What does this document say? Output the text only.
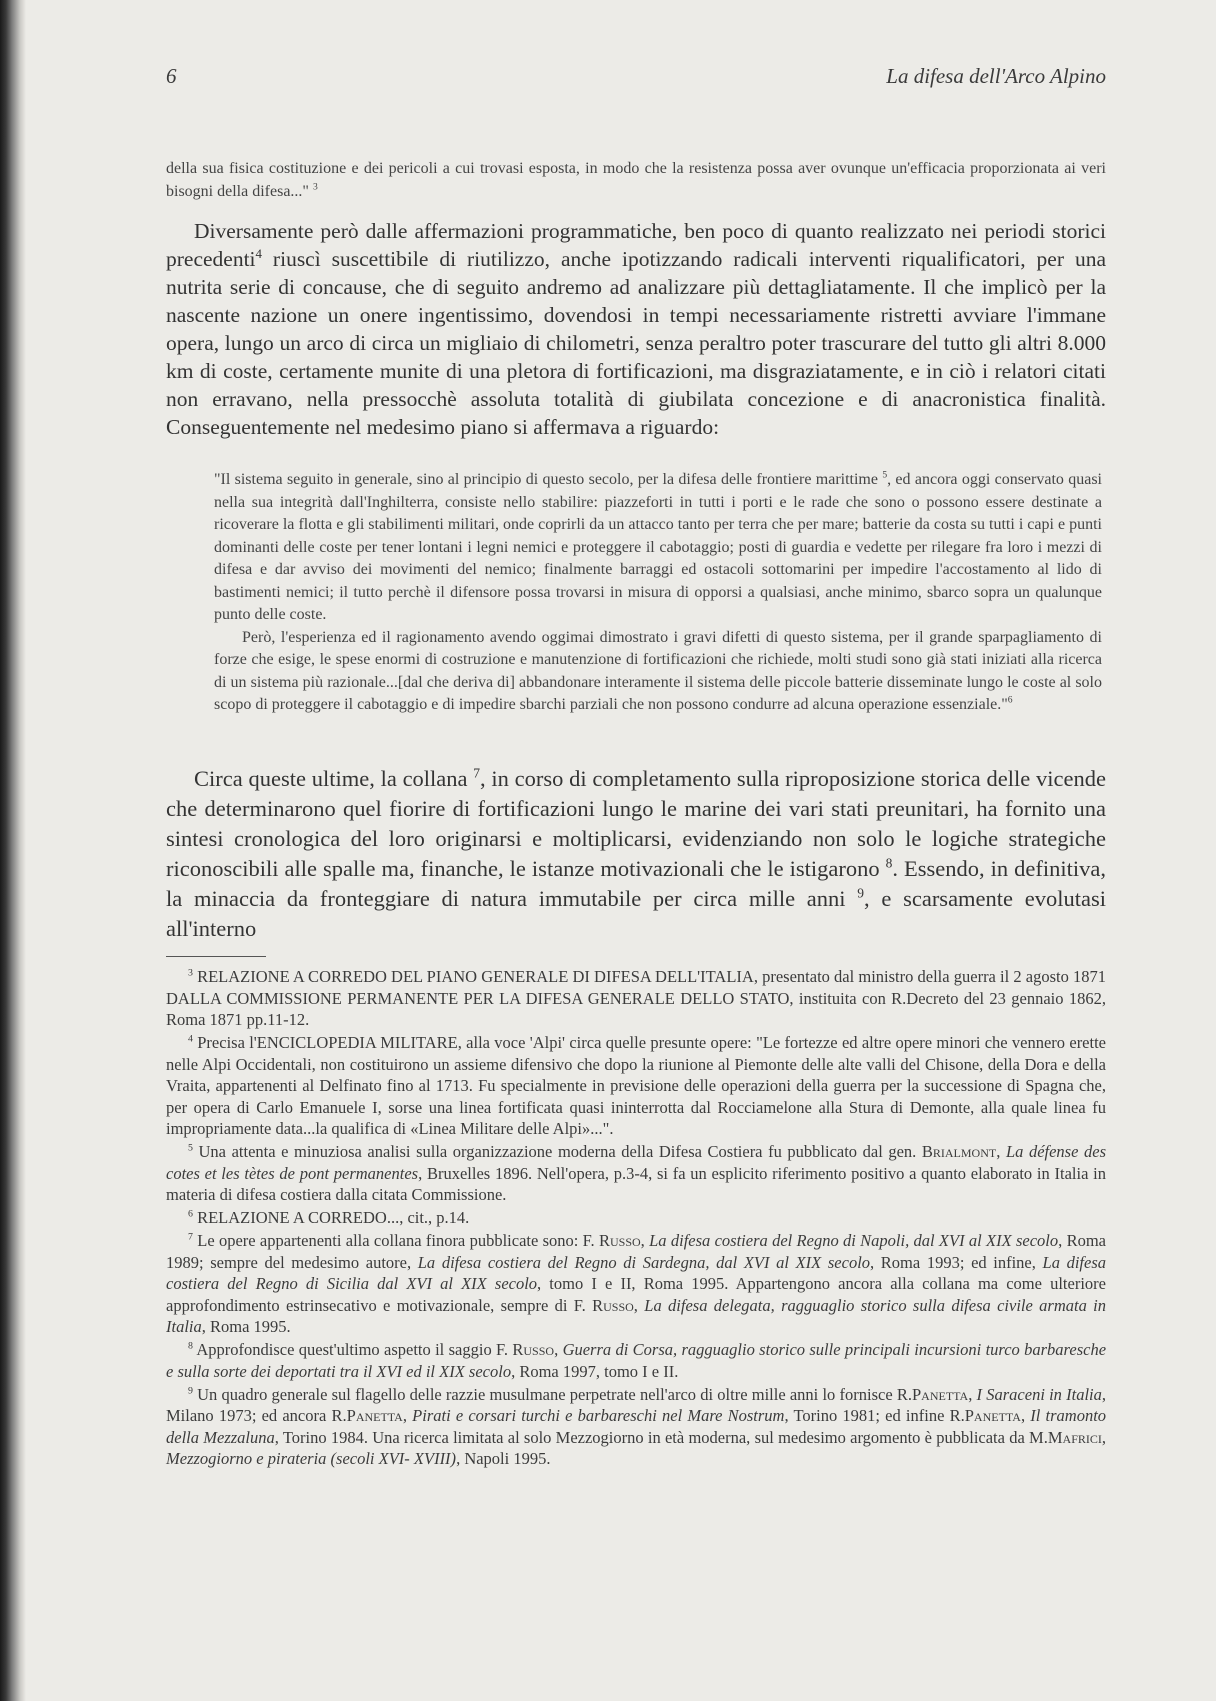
6	La difesa dell'Arco Alpino

della sua fisica costituzione e dei pericoli a cui trovasi esposta, in modo che la resistenza possa aver ovunque un'efficacia proporzionata ai veri bisogni della difesa..." $^3$

Diversamente però dalle affermazioni programmatiche, ben poco di quanto realizzato nei periodi storici precedenti$^4$ riuscì suscettibile di riutilizzo, anche ipotizzando radicali interventi riqualificatori, per una nutrita serie di concause, che di seguito andremo ad analizzare più dettagliatamente. Il che implicò per la nascente nazione un onere ingentissimo, dovendosi in tempi necessariamente ristretti avviare l'immane opera, lungo un arco di circa un migliaio di chilometri, senza peraltro poter trascurare del tutto gli altri 8.000 km di coste, certamente munite di una pletora di fortificazioni, ma disgraziatamente, e in ciò i relatori citati non erravano, nella pressocchè assoluta totalità di giubilata concezione e di anacronistica finalità. Conseguentemente nel medesimo piano si affermava a riguardo:

"Il sistema seguito in generale, sino al principio di questo secolo, per la difesa delle frontiere marittime $^5$, ed ancora oggi conservato quasi nella sua integrità dall'Inghilterra, consiste nello stabilire: piazzeforti in tutti i porti e le rade che sono o possono essere destinate a ricoverare la flotta e gli stabilimenti militari, onde coprirli da un attacco tanto per terra che per mare; batterie da costa su tutti i capi e punti dominanti delle coste per tener lontani i legni nemici e proteggere il cabotaggio; posti di guardia e vedette per rilegare fra loro i mezzi di difesa e dar avviso dei movimenti del nemico; finalmente barraggi ed ostacoli sottomarini per impedire l'accostamento al lido di bastimenti nemici; il tutto perchè il difensore possa trovarsi in misura di opporsi a qualsiasi, anche minimo, sbarco sopra un qualunque punto delle coste.

Però, l'esperienza ed il ragionamento avendo oggimai dimostrato i gravi difetti di questo sistema, per il grande sparpagliamento di forze che esige, le spese enormi di costruzione e manutenzione di fortificazioni che richiede, molti studi sono già stati iniziati alla ricerca di un sistema più razionale...[dal che deriva di] abbandonare interamente il sistema delle piccole batterie disseminate lungo le coste al solo scopo di proteggere il cabotaggio e di impedire sbarchi parziali che non possono condurre ad alcuna operazione essenziale."$^6$

Circa queste ultime, la collana $^7$, in corso di completamento sulla riproposizione storica delle vicende che determinarono quel fiorire di fortificazioni lungo le marine dei vari stati preunitari, ha fornito una sintesi cronologica del loro originarsi e moltiplicarsi, evidenziando non solo le logiche strategiche riconoscibili alle spalle ma, finanche, le istanze motivazionali che le istigarono $^8$. Essendo, in definitiva, la minaccia da fronteggiare di natura immutabile per circa mille anni $^9$, e scarsamente evolutasi all'interno

$^3$ RELAZIONE A CORREDO DEL PIANO GENERALE DI DIFESA DELL'ITALIA, presentato dal ministro della guerra il 2 agosto 1871 DALLA COMMISSIONE PERMANENTE PER LA DIFESA GENERALE DELLO STATO, instituita con R.Decreto del 23 gennaio 1862, Roma 1871 pp.11-12.

$^4$ Precisa l'ENCICLOPEDIA MILITARE, alla voce 'Alpi' circa quelle presunte opere: "Le fortezze ed altre opere minori che vennero erette nelle Alpi Occidentali, non costituirono un assieme difensivo che dopo la riunione al Piemonte delle alte valli del Chisone, della Dora e della Vraita, appartenenti al Delfinato fino al 1713. Fu specialmente in previsione delle operazioni della guerra per la successione di Spagna che, per opera di Carlo Emanuele I, sorse una linea fortificata quasi ininterrotta dal Rocciamelone alla Stura di Demonte, alla quale linea fu impropriamente data...la qualifica di «Linea Militare delle Alpi»...".

$^5$ Una attenta e minuziosa analisi sulla organizzazione moderna della Difesa Costiera fu pubblicato dal gen. Brialmont, La défense des cotes et les tètes de pont permanentes, Bruxelles 1896. Nell'opera, p.3-4, si fa un esplicito riferimento positivo a quanto elaborato in Italia in materia di difesa costiera dalla citata Commissione.

$^6$ RELAZIONE A CORREDO..., cit., p.14.

$^7$ Le opere appartenenti alla collana finora pubblicate sono: F. Russo, La difesa costiera del Regno di Napoli, dal XVI al XIX secolo, Roma 1989; sempre del medesimo autore, La difesa costiera del Regno di Sardegna, dal XVI al XIX secolo, Roma 1993; ed infine, La difesa costiera del Regno di Sicilia dal XVI al XIX secolo, tomo I e II, Roma 1995. Appartengono ancora alla collana ma come ulteriore approfondimento estrinsecativo e motivazionale, sempre di F. Russo, La difesa delegata, ragguaglio storico sulla difesa civile armata in Italia, Roma 1995.

$^8$ Approfondisce quest'ultimo aspetto il saggio F. Russo, Guerra di Corsa, ragguaglio storico sulle principali incursioni turco barbaresche e sulla sorte dei deportati tra il XVI ed il XIX secolo, Roma 1997, tomo I e II.

$^9$ Un quadro generale sul flagello delle razzie musulmane perpetrate nell'arco di oltre mille anni lo fornisce R.Panetta, I Saraceni in Italia, Milano 1973; ed ancora R.Panetta, Pirati e corsari turchi e barbareschi nel Mare Nostrum, Torino 1981; ed infine R.Panetta, Il tramonto della Mezzaluna, Torino 1984. Una ricerca limitata al solo Mezzogiorno in età moderna, sul medesimo argomento è pubblicata da M.Mafrici, Mezzogiorno e pirateria (secoli XVI- XVIII), Napoli 1995.
